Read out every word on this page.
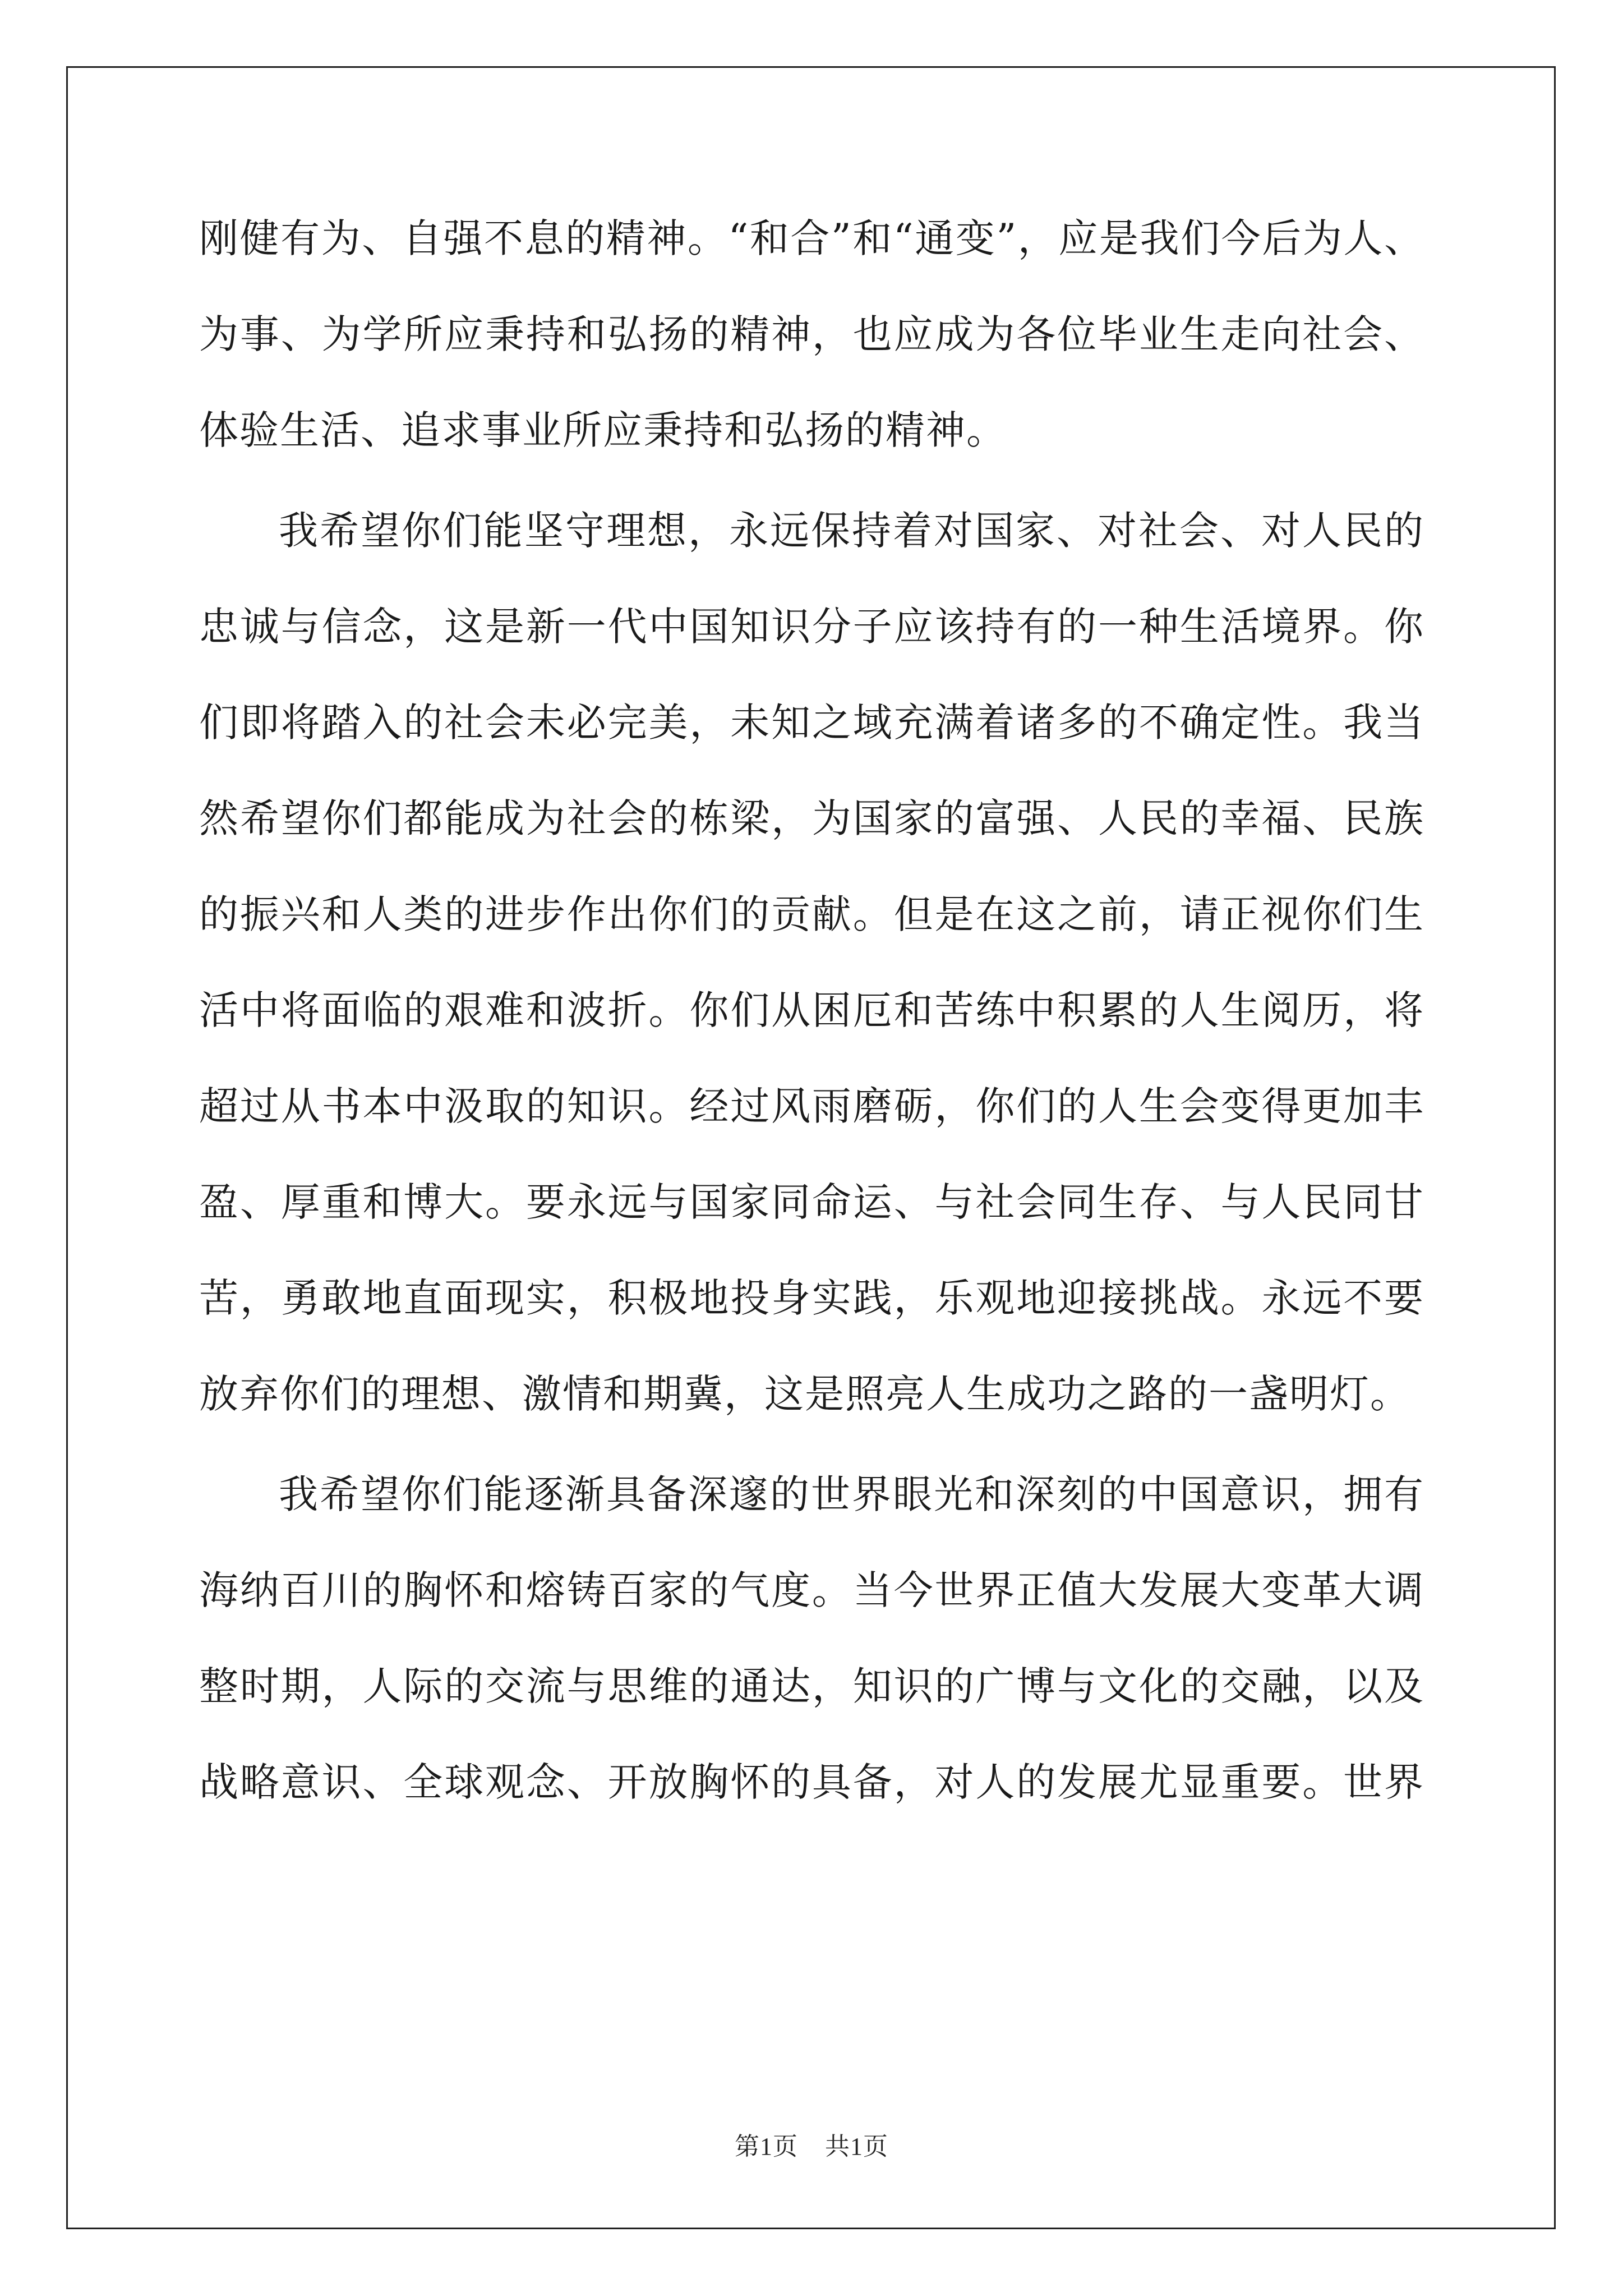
刚健有为、自强不息的精神。“和合”和“通变”，应是我们今后为人、
为事、为学所应秉持和弘扬的精神，也应成为各位毕业生走向社会、
体验生活、追求事业所应秉持和弘扬的精神。
我希望你们能坚守理想，永远保持着对国家、对社会、对人民的
忠诚与信念，这是新一代中国知识分子应该持有的一种生活境界。你
们即将踏入的社会未必完美，未知之域充满着诸多的不确定性。我当
然希望你们都能成为社会的栋梁，为国家的富强、人民的幸福、民族
的振兴和人类的进步作出你们的贡献。但是在这之前，请正视你们生
活中将面临的艰难和波折。你们从困厄和苦练中积累的人生阅历，将
超过从书本中汲取的知识。经过风雨磨砺，你们的人生会变得更加丰
盈、厚重和博大。要永远与国家同命运、与社会同生存、与人民同甘
苦，勇敢地直面现实，积极地投身实践，乐观地迎接挑战。永远不要
放弃你们的理想、激情和期冀，这是照亮人生成功之路的一盏明灯。
我希望你们能逐渐具备深邃的世界眼光和深刻的中国意识，拥有
海纳百川的胸怀和熔铸百家的气度。当今世界正值大发展大变革大调
整时期，人际的交流与思维的通达，知识的广博与文化的交融，以及
战略意识、全球观念、开放胸怀的具备，对人的发展尤显重要。世界
第1页 共1页
